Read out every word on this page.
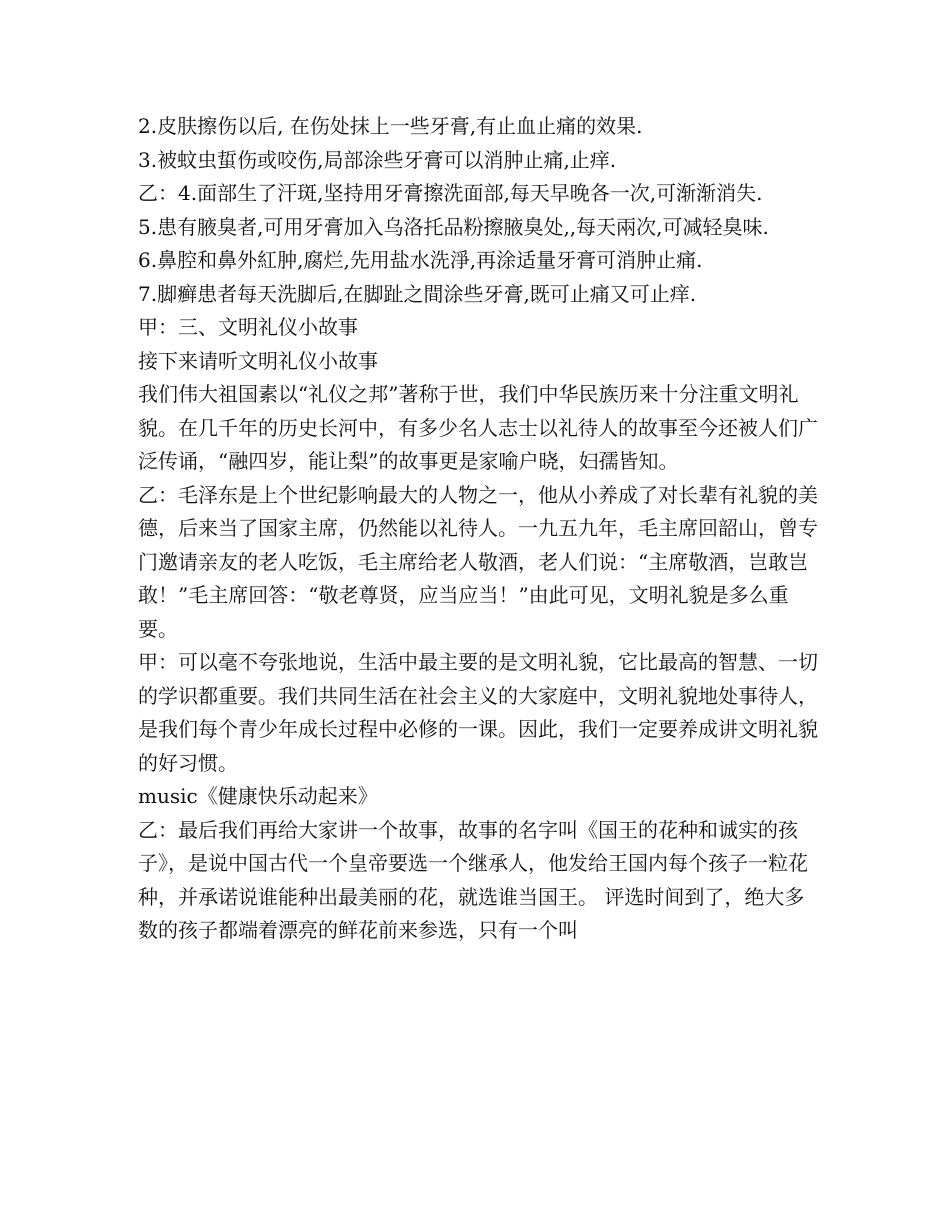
2.皮肤擦伤以后, 在伤处抹上一些牙膏,有止血止痛的效果.

3.被蚊虫蜇伤或咬伤,局部涂些牙膏可以消肿止痛,止痒.

乙：4.面部生了汗斑,坚持用牙膏擦洗面部,每天早晚各一次,可渐渐消失.

5.患有腋臭者,可用牙膏加入乌洛托品粉擦腋臭处,,每天兩次,可减轻臭味.

6.鼻腔和鼻外紅肿,腐烂,先用盐水洗淨,再涂适量牙膏可消肿止痛.

7.脚癣患者每天洗脚后,在脚趾之間涂些牙膏,既可止痛又可止痒.

甲：三、文明礼仪小故事

接下来请听文明礼仪小故事

我们伟大祖国素以“礼仪之邦”著称于世，我们中华民族历来十分注重文明礼

貌。在几千年的历史长河中，有多少名人志士以礼待人的故事至今还被人们广泛传诵，“融四岁，能让梨”的故事更是家喻户晓，妇孺皆知。

乙：毛泽东是上个世纪影响最大的人物之一，他从小养成了对长辈有礼貌的美德，后来当了国家主席，仍然能以礼待人。一九五九年，毛主席回韶山，曾专门邀请亲友的老人吃饭，毛主席给老人敬酒，老人们说：“主席敬酒，岂敢岂敢！”毛主席回答：“敬老尊贤，应当应当！”由此可见，文明礼貌是多么重要。

甲：可以毫不夸张地说，生活中最主要的是文明礼貌，它比最高的智慧、一切的学识都重要。我们共同生活在社会主义的大家庭中，文明礼貌地处事待人，是我们每个青少年成长过程中必修的一课。因此，我们一定要养成讲文明礼貌的好习惯。

music《健康快乐动起来》

乙：最后我们再给大家讲一个故事，故事的名字叫《国王的花种和诚实的孩子》，是说中国古代一个皇帝要选一个继承人，他发给王国内每个孩子一粒花种，并承诺说谁能种出最美丽的花，就选谁当国王。 评选时间到了，绝大多数的孩子都端着漂亮的鲜花前来参选，只有一个叫
